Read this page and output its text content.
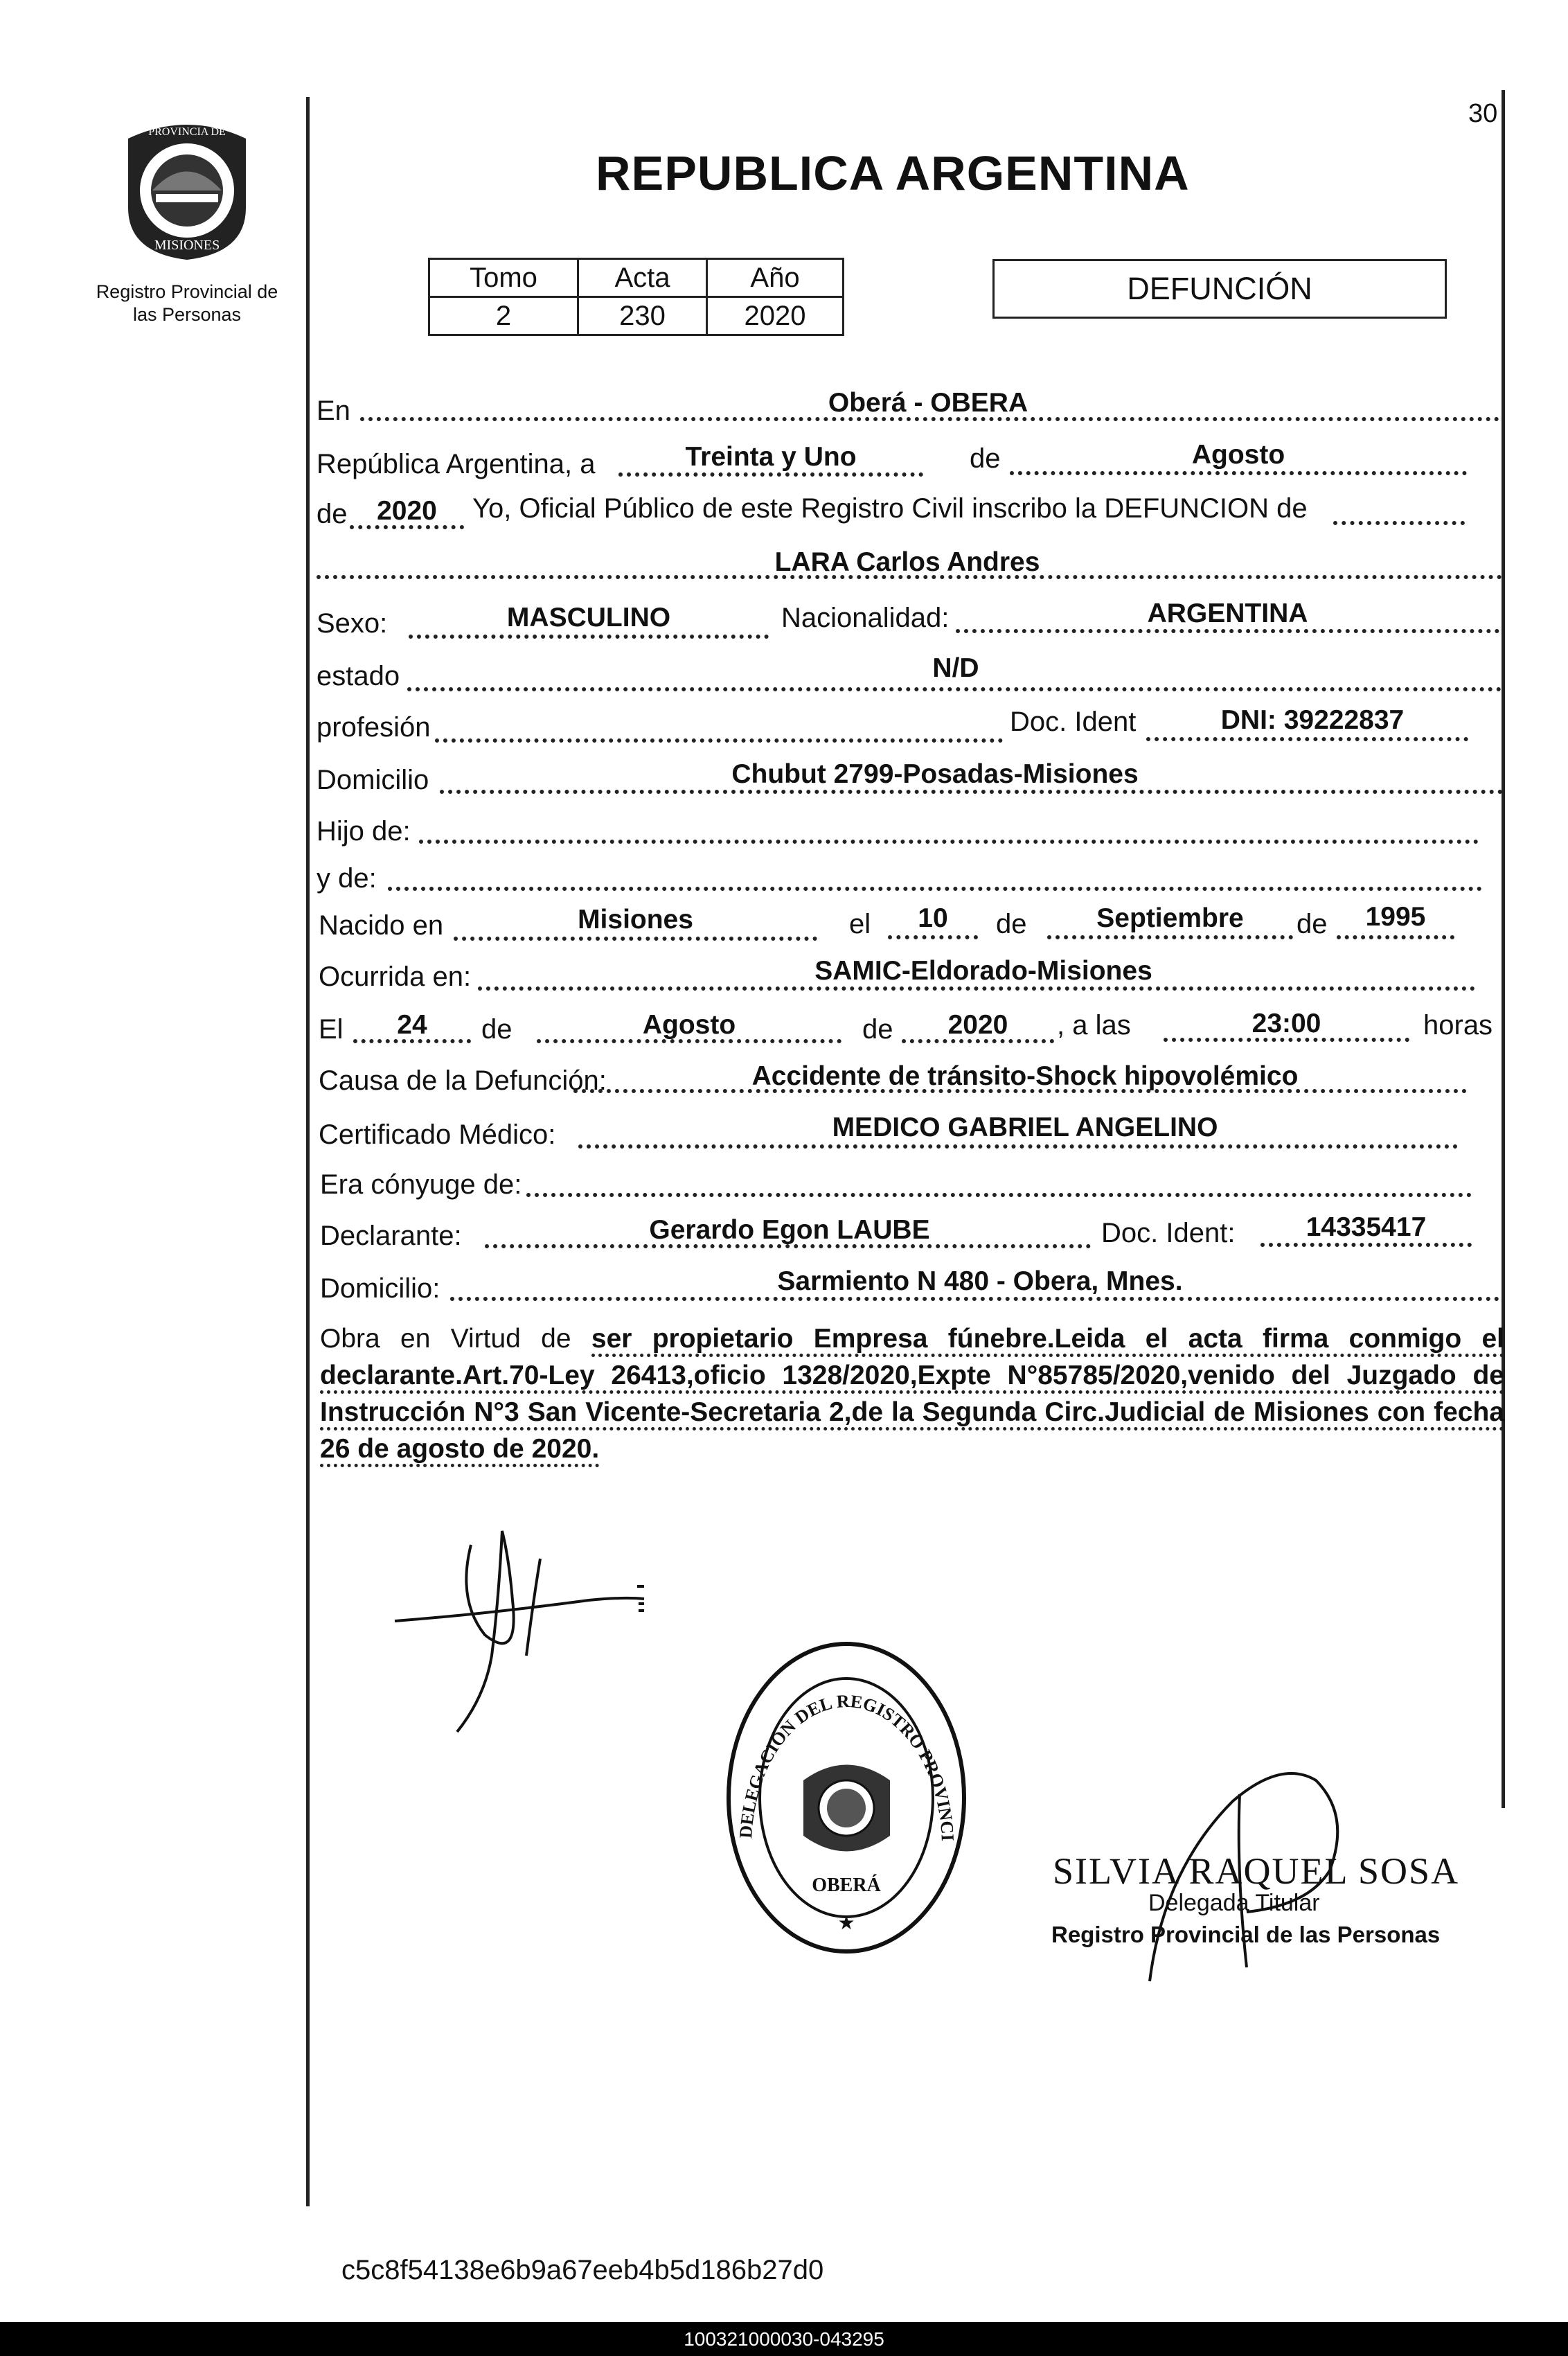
30
PROVINCIA DE
MISIONES
Registro Provincial de las Personas
REPUBLICA ARGENTINA
Tomo	Acta	Año
2	230	2020
DEFUNCIÓN
En	Oberá - OBERA
República Argentina, a	Treinta y Uno	de	Agosto
de	2020	Yo, Oficial Público de este Registro Civil inscribo la DEFUNCION de
LARA Carlos Andres
Sexo:	MASCULINO	Nacionalidad:	ARGENTINA
estado	N/D
profesión	Doc. Ident	DNI: 39222837
Domicilio	Chubut 2799-Posadas-Misiones
Hijo de:
y de:
Nacido en	Misiones	el	10	de	Septiembre	de	1995
Ocurrida en:	SAMIC-Eldorado-Misiones
El	24	de	Agosto	de	2020	, a las	23:00	horas
Causa de la Defunción:	Accidente de tránsito-Shock hipovolémico
Certificado Médico:	MEDICO GABRIEL ANGELINO
Era cónyuge de:
Declarante:	Gerardo Egon LAUBE	Doc. Ident:	14335417
Domicilio:	Sarmiento N 480 - Obera, Mnes.
Obra en Virtud de ser propietario Empresa fúnebre.Leida el acta firma conmigo el declarante.Art.70-Ley 26413,oficio 1328/2020,Expte N°85785/2020,venido del Juzgado de Instrucción N°3 San Vicente-Secretaria 2,de la Segunda Circ.Judicial de Misiones con fecha 26 de agosto de 2020.
DELEGACION DEL REGISTRO PROVINCI
OBERÁ
★
SILVIA RAQUEL SOSA
Delegada Titular
Registro Provincial de las Personas
c5c8f54138e6b9a67eeb4b5d186b27d0
100321000030-043295
